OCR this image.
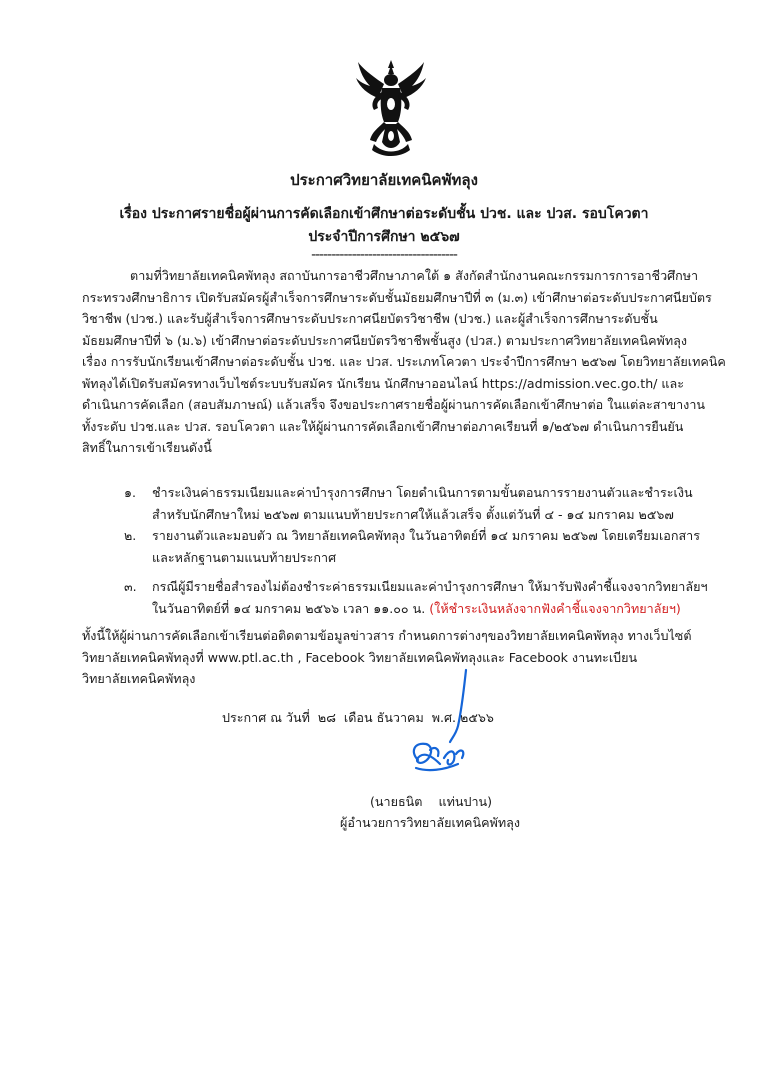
ประกาศวิทยาลัยเทคนิคพัทลุง
เรื่อง ประกาศรายชื่อผู้ผ่านการคัดเลือกเข้าศึกษาต่อระดับชั้น ปวช. และ ปวส. รอบโควตา
ประจำปีการศึกษา ๒๕๖๗
------------------------------------
ตามที่วิทยาลัยเทคนิคพัทลุง สถาบันการอาชีวศึกษาภาคใต้ ๑ สังกัดสำนักงานคณะกรรมการการอาชีวศึกษา
กระทรวงศึกษาธิการ เปิดรับสมัครผู้สำเร็จการศึกษาระดับชั้นมัธยมศึกษาปีที่ ๓ (ม.๓) เข้าศึกษาต่อระดับประกาศนียบัตร
วิชาชีพ (ปวช.) และรับผู้สำเร็จการศึกษาระดับประกาศนียบัตรวิชาชีพ (ปวช.) และผู้สำเร็จการศึกษาระดับชั้น
มัธยมศึกษาปีที่ ๖ (ม.๖) เข้าศึกษาต่อระดับประกาศนียบัตรวิชาชีพชั้นสูง (ปวส.) ตามประกาศวิทยาลัยเทคนิคพัทลุง
เรื่อง การรับนักเรียนเข้าศึกษาต่อระดับชั้น ปวช. และ ปวส. ประเภทโควตา ประจำปีการศึกษา ๒๕๖๗ โดยวิทยาลัยเทคนิค
พัทลุงได้เปิดรับสมัครทางเว็บไซต์ระบบรับสมัคร นักเรียน นักศึกษาออนไลน์ https://admission.vec.go.th/ และ
ดำเนินการคัดเลือก (สอบสัมภาษณ์) แล้วเสร็จ จึงขอประกาศรายชื่อผู้ผ่านการคัดเลือกเข้าศึกษาต่อ ในแต่ละสาขางาน
ทั้งระดับ ปวช.และ ปวส. รอบโควตา และให้ผู้ผ่านการคัดเลือกเข้าศึกษาต่อภาคเรียนที่ ๑/๒๕๖๗ ดำเนินการยืนยัน
สิทธิ์ในการเข้าเรียนดังนี้
๑. ชำระเงินค่าธรรมเนียมและค่าบำรุงการศึกษา โดยดำเนินการตามขั้นตอนการรายงานตัวและชำระเงิน
สำหรับนักศึกษาใหม่ ๒๕๖๗ ตามแนบท้ายประกาศให้แล้วเสร็จ ตั้งแต่วันที่ ๔ - ๑๔ มกราคม ๒๕๖๗
๒. รายงานตัวและมอบตัว ณ วิทยาลัยเทคนิคพัทลุง ในวันอาทิตย์ที่ ๑๔ มกราคม ๒๕๖๗ โดยเตรียมเอกสาร
และหลักฐานตามแนบท้ายประกาศ
๓. กรณีผู้มีรายชื่อสำรองไม่ต้องชำระค่าธรรมเนียมและค่าบำรุงการศึกษา ให้มารับฟังคำชี้แจงจากวิทยาลัยฯ
ในวันอาทิตย์ที่ ๑๔ มกราคม ๒๕๖๖ เวลา ๑๑.๐๐ น. (ให้ชำระเงินหลังจากฟังคำชี้แจงจากวิทยาลัยฯ)
ทั้งนี้ให้ผู้ผ่านการคัดเลือกเข้าเรียนต่อติดตามข้อมูลข่าวสาร กำหนดการต่างๆของวิทยาลัยเทคนิคพัทลุง ทางเว็บไซต์
วิทยาลัยเทคนิคพัทลุงที่ www.ptl.ac.th , Facebook วิทยาลัยเทคนิคพัทลุงและ Facebook งานทะเบียน
วิทยาลัยเทคนิคพัทลุง
ประกาศ ณ วันที่  ๒๘  เดือน ธันวาคม  พ.ศ. ๒๕๖๖
(นายธนิต    แท่นปาน)
ผู้อำนวยการวิทยาลัยเทคนิคพัทลุง
